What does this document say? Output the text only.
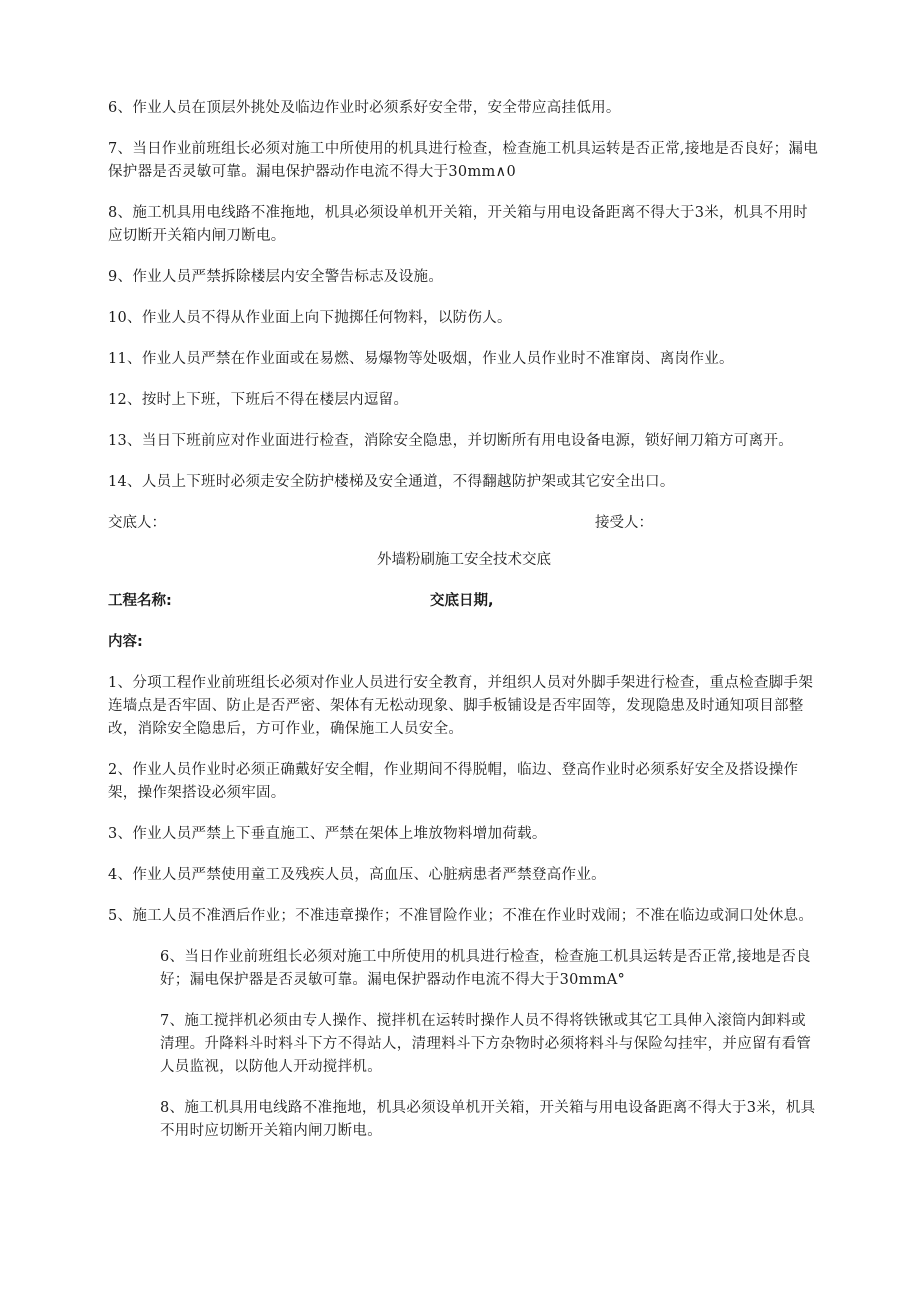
6、作业人员在顶层外挑处及临边作业时必须系好安全带，安全带应高挂低用。

7、当日作业前班组长必须对施工中所使用的机具进行检查，检查施工机具运转是否正常,接地是否良好；漏电保护器是否灵敏可靠。漏电保护器动作电流不得大于30mm∧0

8、施工机具用电线路不准拖地，机具必须设单机开关箱，开关箱与用电设备距离不得大于3米，机具不用时应切断开关箱内闸刀断电。

9、作业人员严禁拆除楼层内安全警告标志及设施。

10、作业人员不得从作业面上向下抛掷任何物料，以防伤人。

11、作业人员严禁在作业面或在易燃、易爆物等处吸烟，作业人员作业时不准窜岗、离岗作业。

12、按时上下班，下班后不得在楼层内逗留。

13、当日下班前应对作业面进行检查，消除安全隐患，并切断所有用电设备电源，锁好闸刀箱方可离开。

14、人员上下班时必须走安全防护楼梯及安全通道，不得翻越防护架或其它安全出口。

交底人：	接受人：
外墙粉刷施工安全技术交底
工程名称:	交底日期,
内容:

1、分项工程作业前班组长必须对作业人员进行安全教育，并组织人员对外脚手架进行检查，重点检查脚手架连墙点是否牢固、防止是否严密、架体有无松动现象、脚手板铺设是否牢固等，发现隐患及时通知项目部整改，消除安全隐患后，方可作业，确保施工人员安全。

2、作业人员作业时必须正确戴好安全帽，作业期间不得脱帽，临边、登高作业时必须系好安全及搭设操作架，操作架搭设必须牢固。

3、作业人员严禁上下垂直施工、严禁在架体上堆放物料增加荷载。

4、作业人员严禁使用童工及残疾人员，高血压、心脏病患者严禁登高作业。

5、施工人员不准酒后作业；不准违章操作；不准冒险作业；不准在作业时戏闹；不准在临边或洞口处休息。

6、当日作业前班组长必须对施工中所使用的机具进行检查，检查施工机具运转是否正常,接地是否良好；漏电保护器是否灵敏可靠。漏电保护器动作电流不得大于30mmA°

7、施工搅拌机必须由专人操作、搅拌机在运转时操作人员不得将铁锹或其它工具伸入滚筒内卸料或清理。升降料斗时料斗下方不得站人，清理料斗下方杂物时必须将料斗与保险勾挂牢，并应留有看管人员监视，以防他人开动搅拌机。

8、施工机具用电线路不准拖地，机具必须设单机开关箱，开关箱与用电设备距离不得大于3米，机具不用时应切断开关箱内闸刀断电。
